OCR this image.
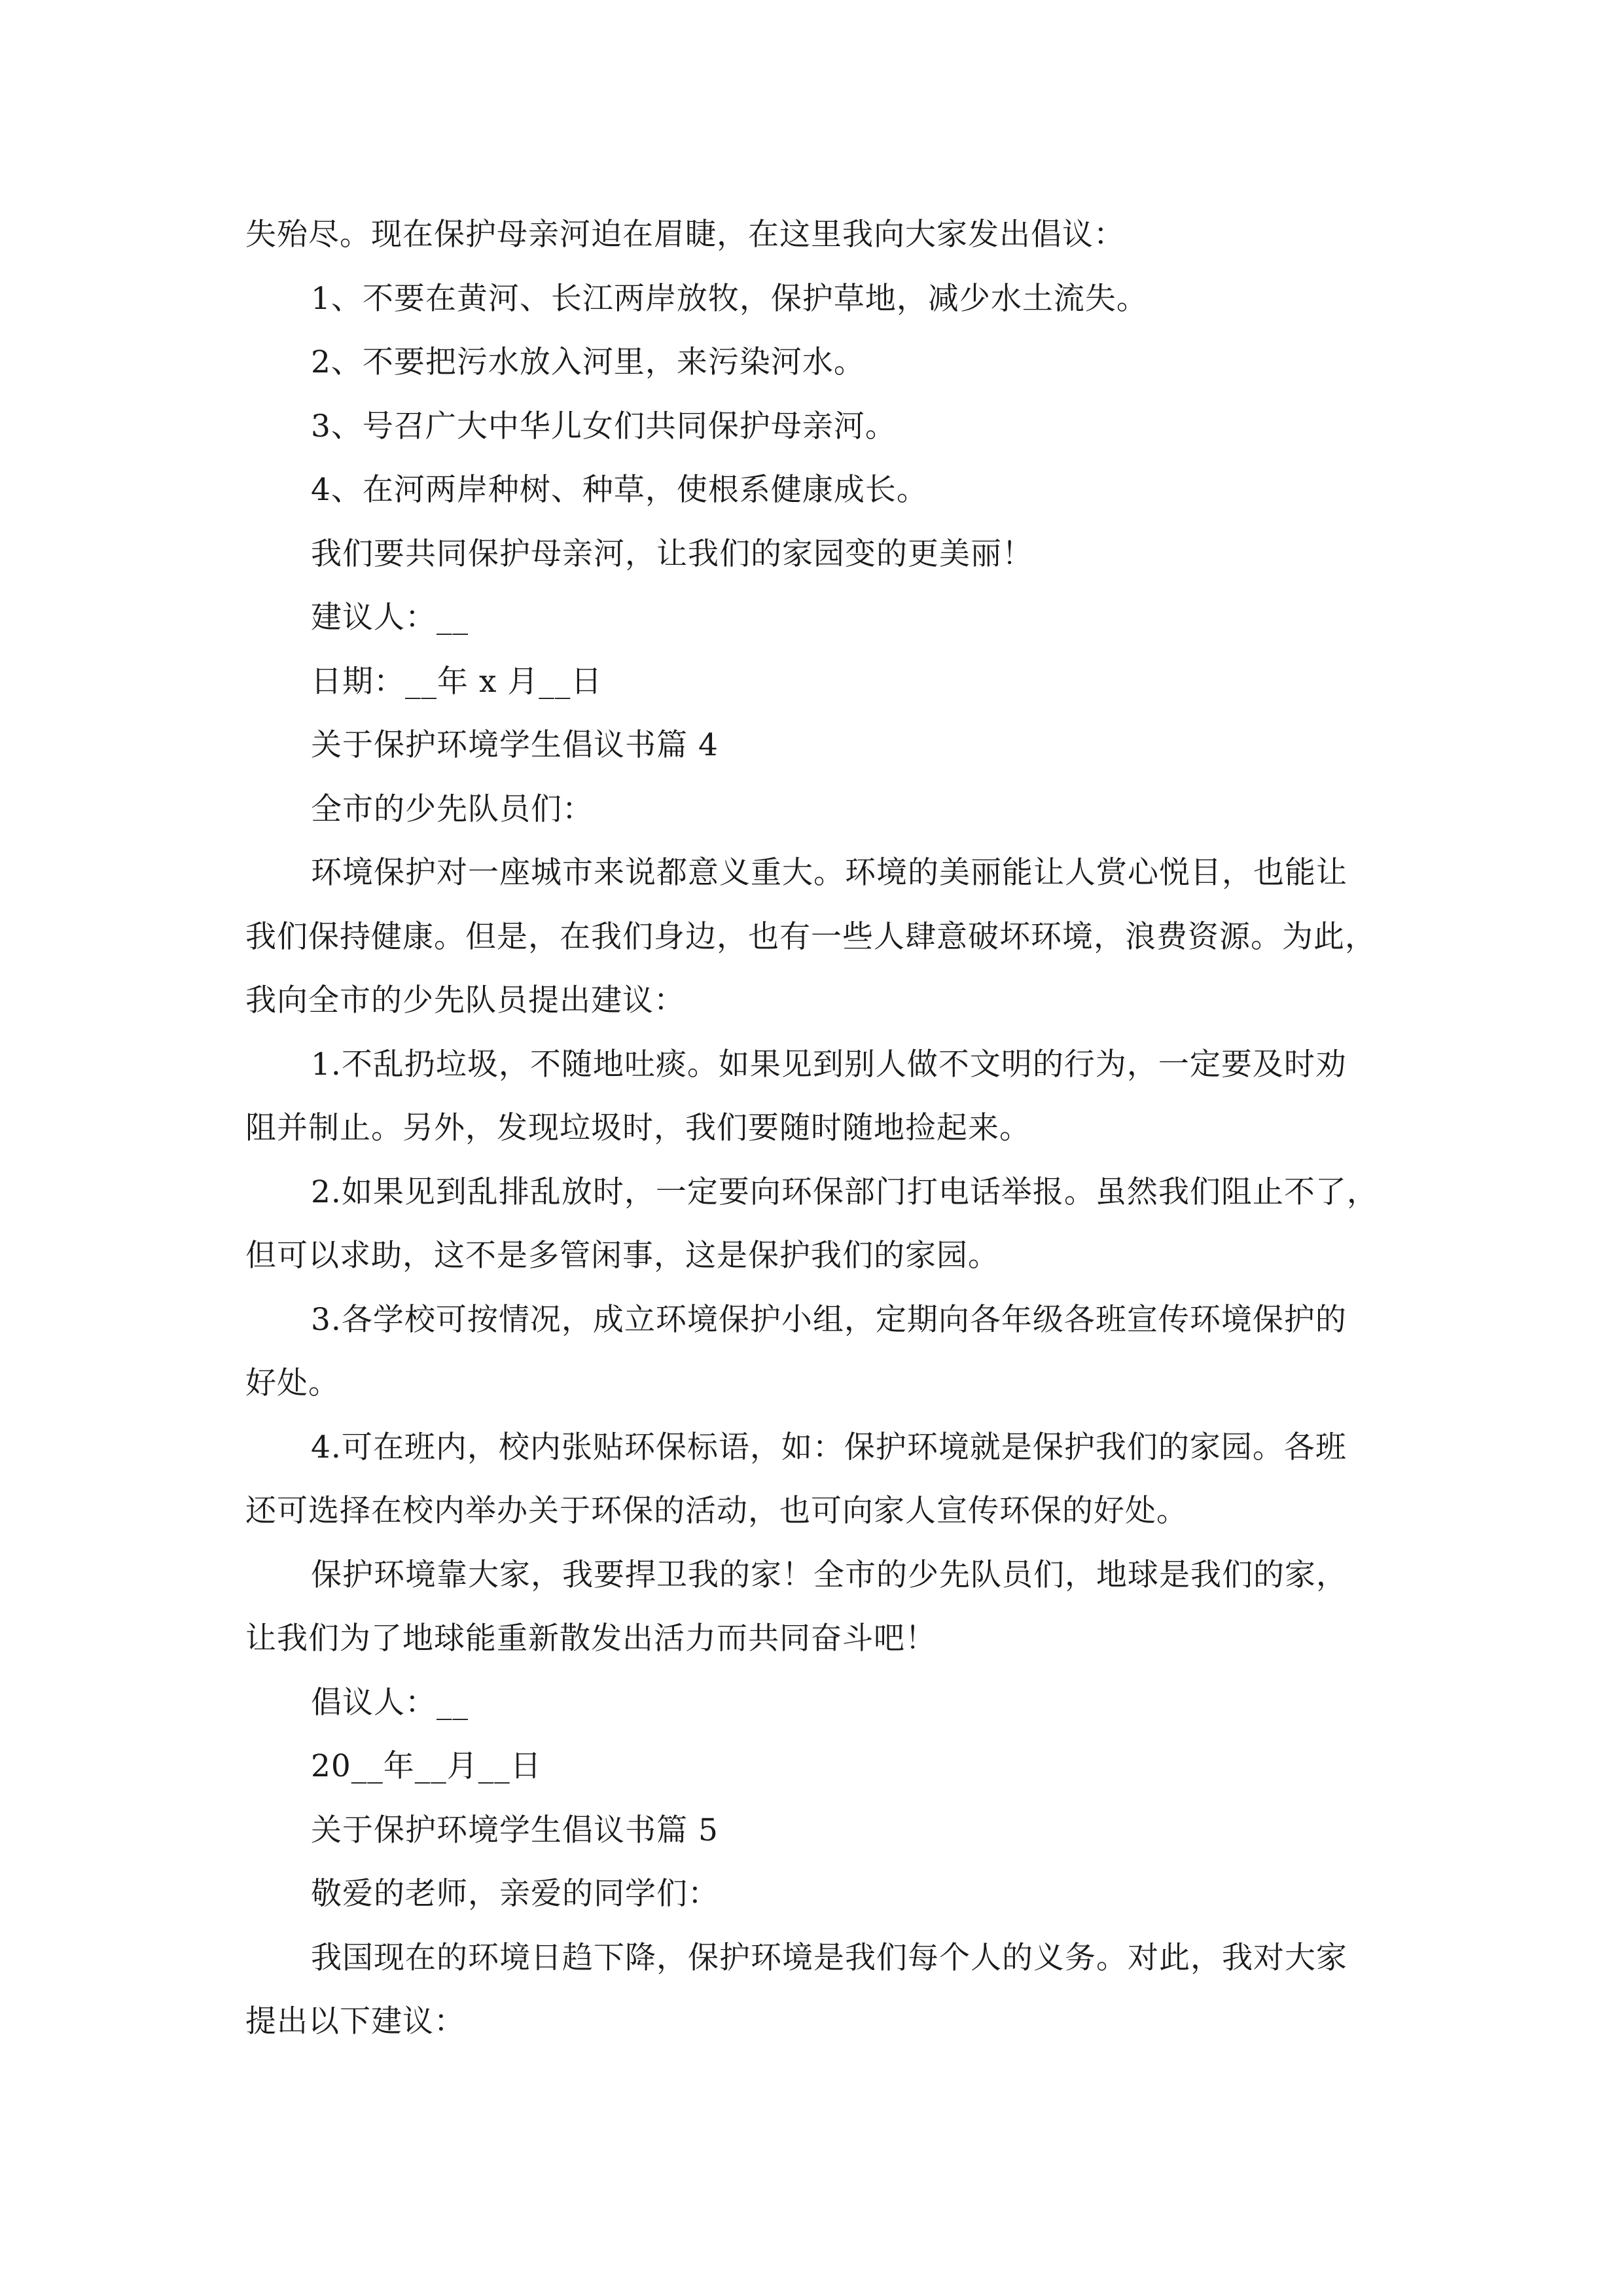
失殆尽。现在保护母亲河迫在眉睫，在这里我向大家发出倡议：
1、不要在黄河、长江两岸放牧，保护草地，减少水土流失。
2、不要把污水放入河里，来污染河水。
3、号召广大中华儿女们共同保护母亲河。
4、在河两岸种树、种草，使根系健康成长。
我们要共同保护母亲河，让我们的家园变的更美丽！
建议人：__
日期：__年 x 月__日
关于保护环境学生倡议书篇 4
全市的少先队员们：
环境保护对一座城市来说都意义重大。环境的美丽能让人赏心悦目，也能让
我们保持健康。但是，在我们身边，也有一些人肆意破坏环境，浪费资源。为此，
我向全市的少先队员提出建议：
1.不乱扔垃圾，不随地吐痰。如果见到别人做不文明的行为，一定要及时劝
阻并制止。另外，发现垃圾时，我们要随时随地捡起来。
2.如果见到乱排乱放时，一定要向环保部门打电话举报。虽然我们阻止不了，
但可以求助，这不是多管闲事，这是保护我们的家园。
3.各学校可按情况，成立环境保护小组，定期向各年级各班宣传环境保护的
好处。
4.可在班内，校内张贴环保标语，如：保护环境就是保护我们的家园。各班
还可选择在校内举办关于环保的活动，也可向家人宣传环保的好处。
保护环境靠大家，我要捍卫我的家！全市的少先队员们，地球是我们的家，
让我们为了地球能重新散发出活力而共同奋斗吧！
倡议人：__
20__年__月__日
关于保护环境学生倡议书篇 5
敬爱的老师，亲爱的同学们：
我国现在的环境日趋下降，保护环境是我们每个人的义务。对此，我对大家
提出以下建议：
